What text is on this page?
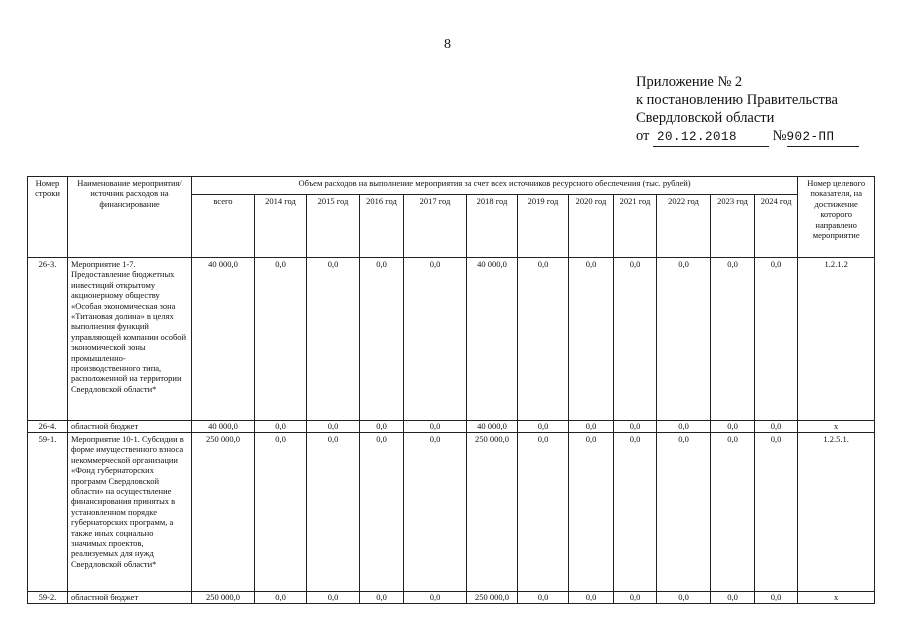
8
Приложение № 2
к постановлению Правительства
Свердловской области
от 20.12.2018 №902-ПП
Номер строки	Наименование мероприятия/источник расходов на финансирование	Объем расходов на выполнение мероприятия за счет всех источников ресурсного обеспечения (тыс. рублей)												Номер целевого показателя, на достижение которого направлено мероприятие
		всего	2014 год	2015 год	2016 год	2017 год	2018 год	2019 год	2020 год	2021 год	2022 год	2023 год	2024 год	
26-3.	Мероприятие 1-7. Предоставление бюджетных инвестиций открытому акционерному обществу «Особая экономическая зона «Титановая долина» в целях выполнения функций управляющей компании особой экономической зоны промышленно-производственного типа, расположенной на территории Свердловской области*	40 000,0	0,0	0,0	0,0	0,0	40 000,0	0,0	0,0	0,0	0,0	0,0	0,0	1.2.1.2
26-4.	областной бюджет	40 000,0	0,0	0,0	0,0	0,0	40 000,0	0,0	0,0	0,0	0,0	0,0	0,0	х
59-1.	Мероприятие 10-1. Субсидии в форме имущественного взноса некоммерческой организации «Фонд губернаторских программ Свердловской области» на осуществление финансирования принятых в установленном порядке губернаторских программ, а также иных социально значимых проектов, реализуемых для нужд Свердловской области*	250 000,0	0,0	0,0	0,0	0,0	250 000,0	0,0	0,0	0,0	0,0	0,0	0,0	1.2.5.1.
59-2.	областной бюджет	250 000,0	0,0	0,0	0,0	0,0	250 000,0	0,0	0,0	0,0	0,0	0,0	0,0	х
